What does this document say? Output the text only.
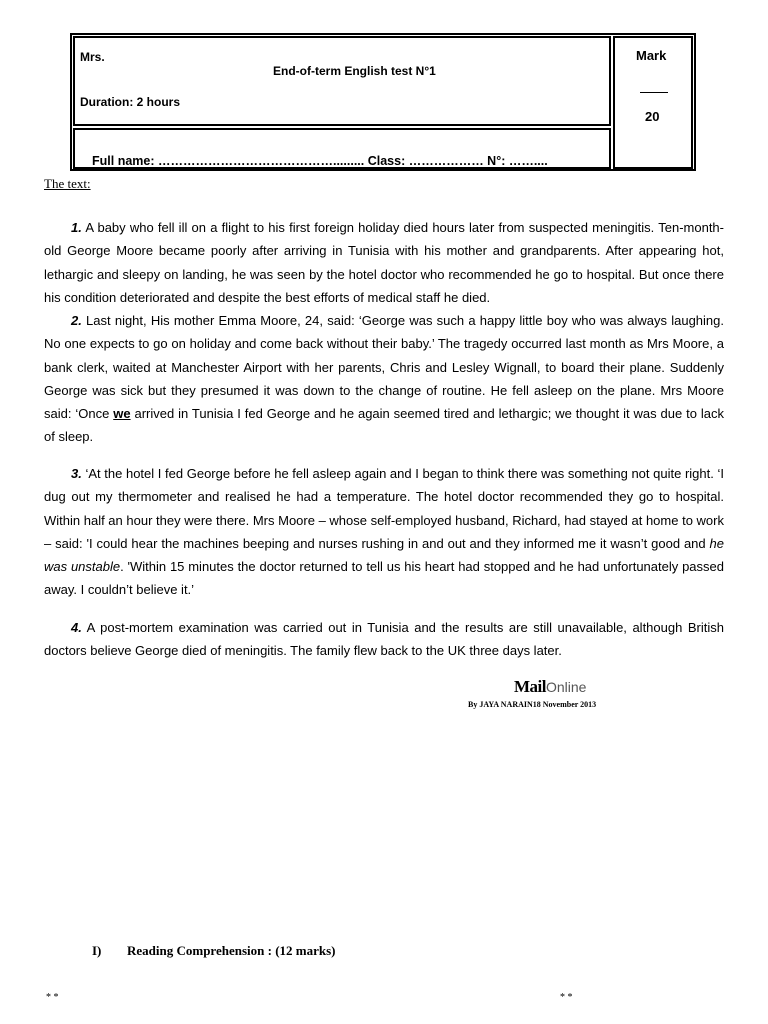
Mrs.
End-of-term English test N°1
Duration: 2 hours
Mark
20
Full name: ……………………………………......... Class: ……………… N°: ……....
The text:

1. A baby who fell ill on a flight to his first foreign holiday died hours later from suspected meningitis. Ten-month-old George Moore became poorly after arriving in Tunisia with his mother and grandparents. After appearing hot, lethargic and sleepy on landing, he was seen by the hotel doctor who recommended he go to hospital. But once there his condition deteriorated and despite the best efforts of medical staff he died.

2. Last night, His mother Emma Moore, 24, said: ‘George was such a happy little boy who was always laughing. No one expects to go on holiday and come back without their baby.’ The tragedy occurred last month as Mrs Moore, a bank clerk, waited at Manchester Airport with her parents, Chris and Lesley Wignall, to board their plane. Suddenly George was sick but they presumed it was down to the change of routine. He fell asleep on the plane. Mrs Moore said: ‘Once we arrived in Tunisia I fed George and he again seemed tired and lethargic; we thought it was due to lack of sleep.

3. ‘At the hotel I fed George before he fell asleep again and I began to think there was something not quite right. ‘I dug out my thermometer and realised he had a temperature. The hotel doctor recommended they go to hospital. Within half an hour they were there. Mrs Moore – whose self-employed husband, Richard, had stayed at home to work – said: 'I could hear the machines beeping and nurses rushing in and out and they informed me it wasn’t good and he was unstable. 'Within 15 minutes the doctor returned to tell us his heart had stopped and he had unfortunately passed away. I couldn’t believe it.’

4. A post-mortem examination was carried out in Tunisia and the results are still unavailable, although British doctors believe George died of meningitis. The family flew back to the UK three days later.

MailOnline
By JAYA NARAIN18 November 2013
I) Reading Comprehension : (12 marks)
* *	* *
